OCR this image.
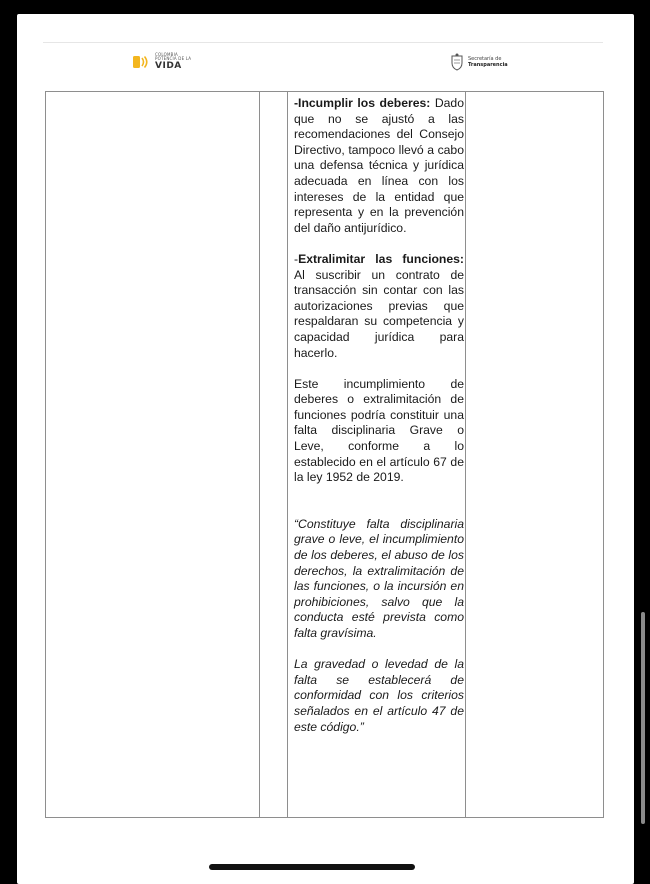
COLOMBIA
POTENCIA DE LA
VIDA
Secretaría de
Transparencia

-Incumplir los deberes: Dado que no se ajustó a las recomendaciones del Consejo Directivo, tampoco llevó a cabo una defensa técnica y jurídica adecuada en línea con los intereses de la entidad que representa y en la prevención del daño antijurídico.

-Extralimitar las funciones: Al suscribir un contrato de transacción sin contar con las autorizaciones previas que respaldaran su competencia y capacidad jurídica para hacerlo.

Este incumplimiento de deberes o extralimitación de funciones podría constituir una falta disciplinaria Grave o Leve, conforme a lo establecido en el artículo 67 de la ley 1952 de 2019.

“Constituye falta disciplinaria grave o leve, el incumplimiento de los deberes, el abuso de los derechos, la extralimitación de las funciones, o la incursión en prohibiciones, salvo que la conducta esté prevista como falta gravísima.

La gravedad o levedad de la falta se establecerá de conformidad con los criterios señalados en el artículo 47 de este código.”
